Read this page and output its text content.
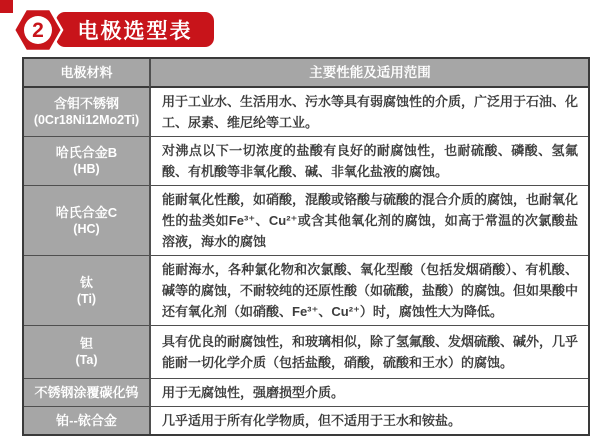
电极选型表
2
电极材料	主要性能及适用范围

含钼不锈钢
(0Cr18Ni12Mo2Ti)
	用于工业水、生活用水、污水等具有弱腐蚀性的介质，广泛用于石油、化工、尿素、维尼纶等工业。

哈氏合金B
(HB)
	对沸点以下一切浓度的盐酸有良好的耐腐蚀性，也耐硫酸、磷酸、氢氟酸、有机酸等非氧化酸、碱、非氧化盐液的腐蚀。

哈氏合金C
(HC)
	能耐氧化性酸，如硝酸，混酸或铬酸与硫酸的混合介质的腐蚀，也耐氧化性的盐类如Fe³⁺、Cu²⁺或含其他氧化剂的腐蚀，如高于常温的次氯酸盐溶液，海水的腐蚀

钛
(Ti)
	能耐海水，各种氯化物和次氯酸、氧化型酸（包括发烟硝酸）、有机酸、碱等的腐蚀，不耐较纯的还原性酸（如硫酸，盐酸）的腐蚀。但如果酸中还有氧化剂（如硝酸、Fe³⁺、Cu²⁺）时，腐蚀性大为降低。

钽
(Ta)
	具有优良的耐腐蚀性，和玻璃相似，除了氢氟酸、发烟硫酸、碱外，几乎能耐一切化学介质（包括盐酸，硝酸，硫酸和王水）的腐蚀。

不锈钢涂覆碳化钨	用于无腐蚀性，强磨损型介质。

铂--铱合金	几乎适用于所有化学物质，但不适用于王水和铵盐。
